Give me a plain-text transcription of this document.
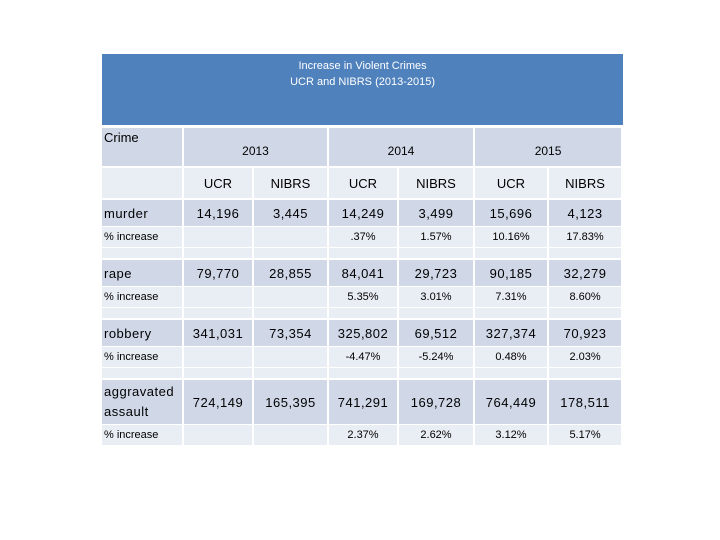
Increase in Violent Crimes
UCR and NIBRS (2013-2015)						

Crime	2013		2014		2015	
	UCR	NIBRS	UCR	NIBRS	UCR	NIBRS
murder	14,196	3,445	14,249	3,499	15,696	4,123
% increase			.37%	1.57%	10.16%	17.83%

rape	79,770	28,855	84,041	29,723	90,185	32,279
% increase			5.35%	3.01%	7.31%	8.60%

robbery	341,031	73,354	325,802	69,512	327,374	70,923
% increase			-4.47%	-5.24%	0.48%	2.03%

aggravated
assault	724,149	165,395	741,291	169,728	764,449	178,511
% increase			2.37%	2.62%	3.12%	5.17%
